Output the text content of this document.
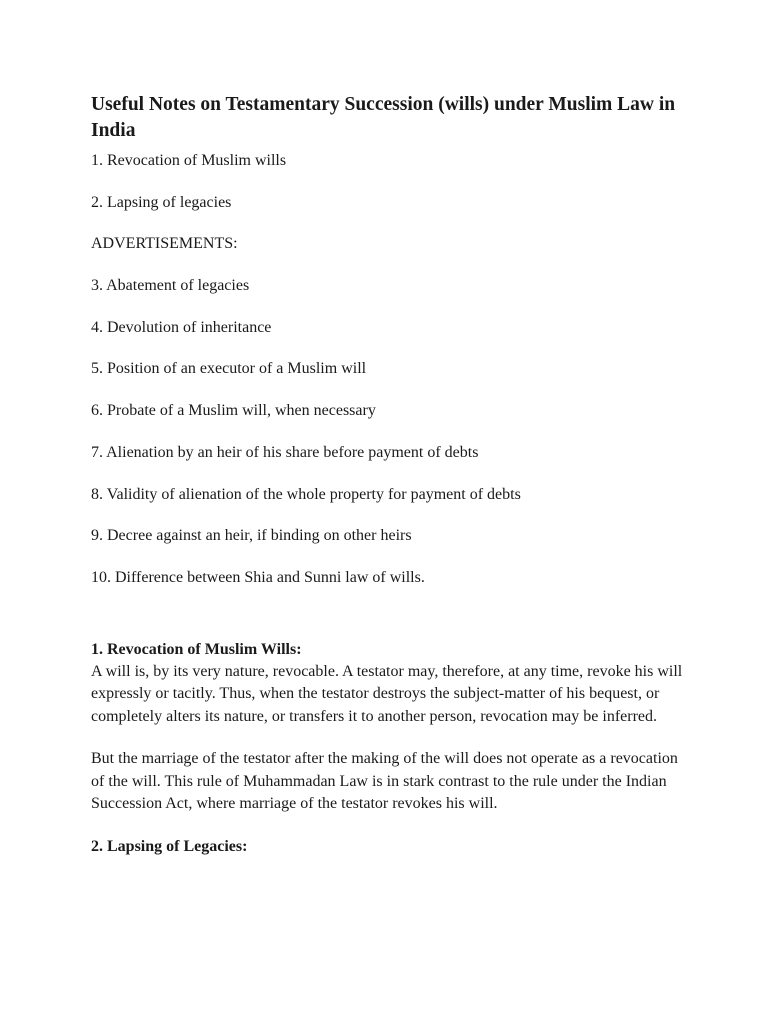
Useful Notes on Testamentary Succession (wills) under Muslim Law in India
1. Revocation of Muslim wills
2. Lapsing of legacies
ADVERTISEMENTS:
3. Abatement of legacies
4. Devolution of inheritance
5. Position of an executor of a Muslim will
6. Probate of a Muslim will, when necessary
7. Alienation by an heir of his share before payment of debts
8. Validity of alienation of the whole property for payment of debts
9. Decree against an heir, if binding on other heirs
10. Difference between Shia and Sunni law of wills.
1. Revocation of Muslim Wills:

A will is, by its very nature, revocable. A testator may, therefore, at any time, revoke his will expressly or tacitly. Thus, when the testator destroys the subject-matter of his bequest, or completely alters its nature, or transfers it to another person, revocation may be inferred.

But the marriage of the testator after the making of the will does not operate as a revocation of the will. This rule of Muhammadan Law is in stark contrast to the rule under the Indian Succession Act, where marriage of the testator revokes his will.

2. Lapsing of Legacies:
